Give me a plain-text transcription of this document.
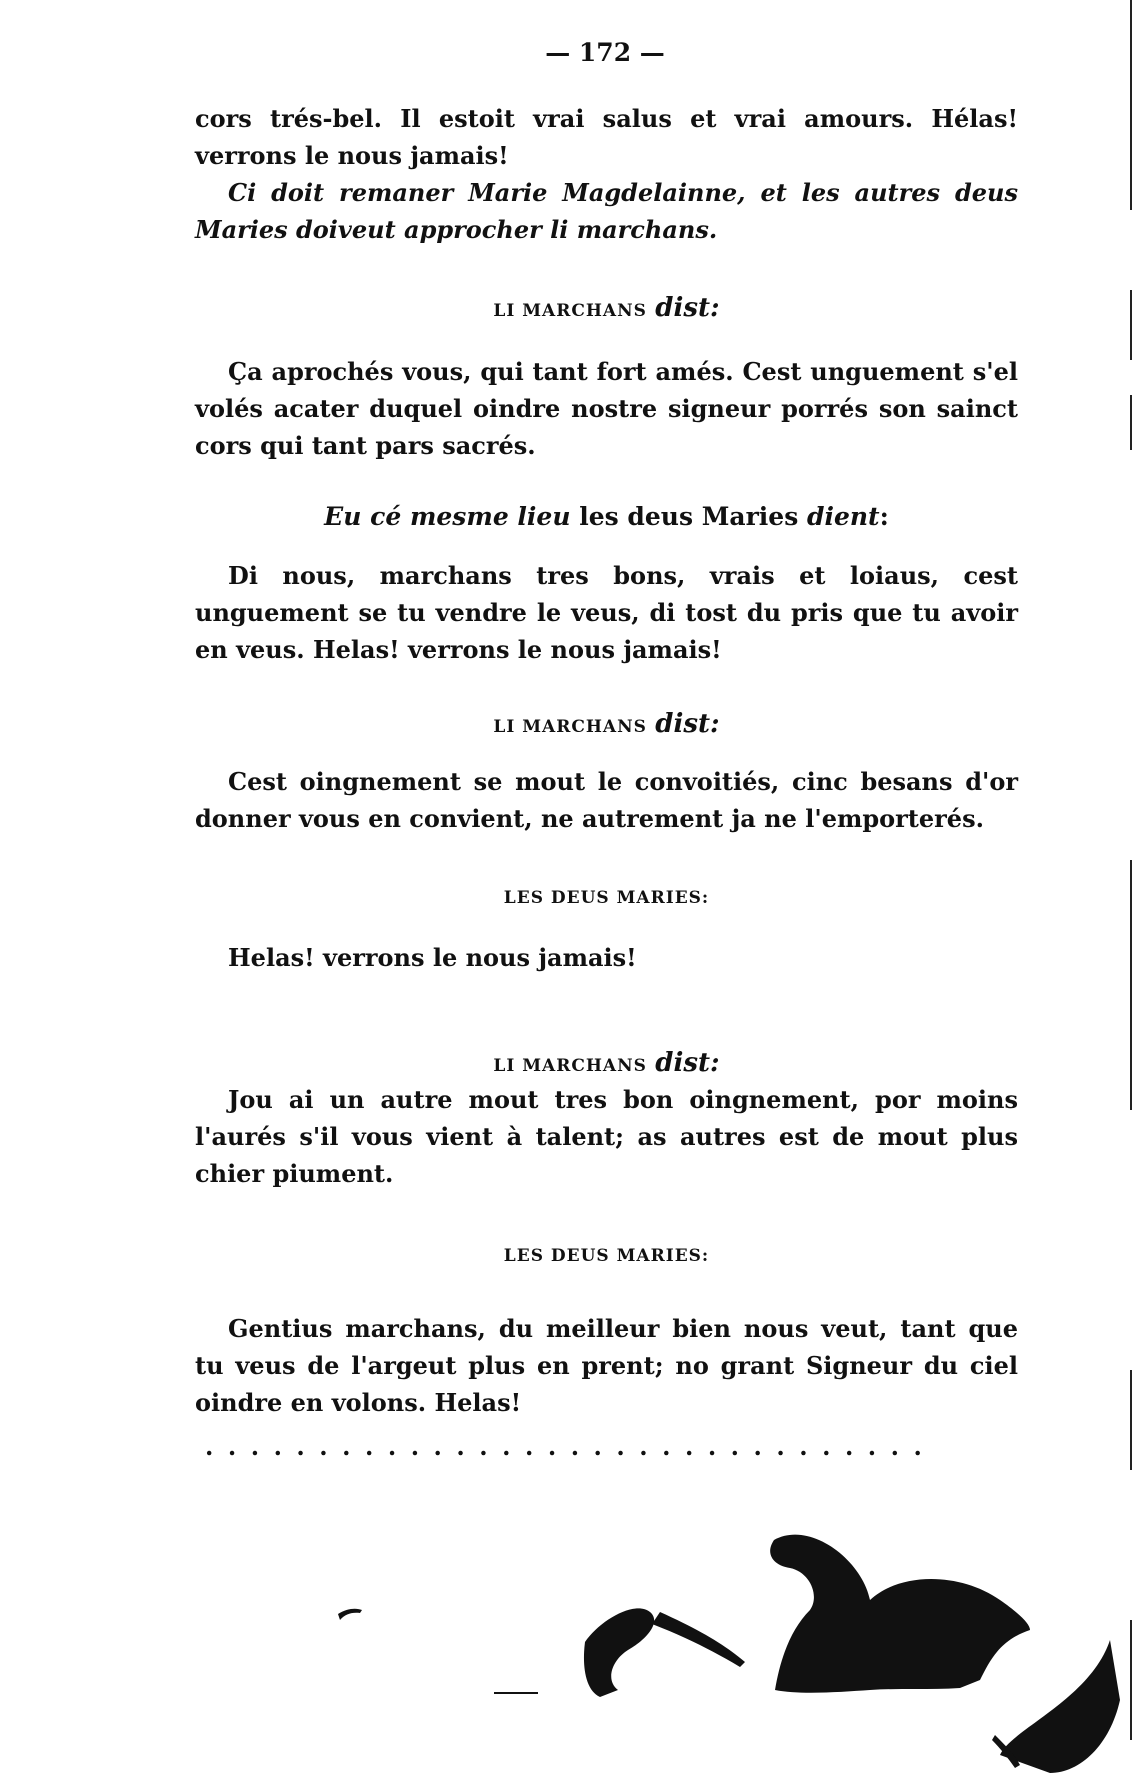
— 172 —
cors trés-bel. Il estoit vrai salus et vrai amours. Hélas! verrons le nous jamais!
Ci doit remaner Marie Magdelainne, et les autres deus Maries doiveut approcher li marchans.
LI MARCHANS dist:
Ça aprochés vous, qui tant fort amés. Cest unguement s'el volés acater duquel oindre nostre signeur porrés son sainct cors qui tant pars sacrés.
Eu cé mesme lieu les deus Maries dient:
Di nous, marchans tres bons, vrais et loiaus, cest unguement se tu vendre le veus, di tost du pris que tu avoir en veus. Helas! verrons le nous jamais!
LI MARCHANS dist:
Cest oingnement se mout le convoitiés, cinc besans d'or donner vous en convient, ne autrement ja ne l'emporterés.
LES DEUS MARIES:
Helas! verrons le nous jamais!
LI MARCHANS dist:
Jou ai un autre mout tres bon oingnement, por moins l'aurés s'il vous vient à talent; as autres est de mout plus chier piument.
LES DEUS MARIES:
Gentius marchans, du meilleur bien nous veut, tant que tu veus de l'argeut plus en prent; no grant Signeur du ciel oindre en volons. Helas!
................................
